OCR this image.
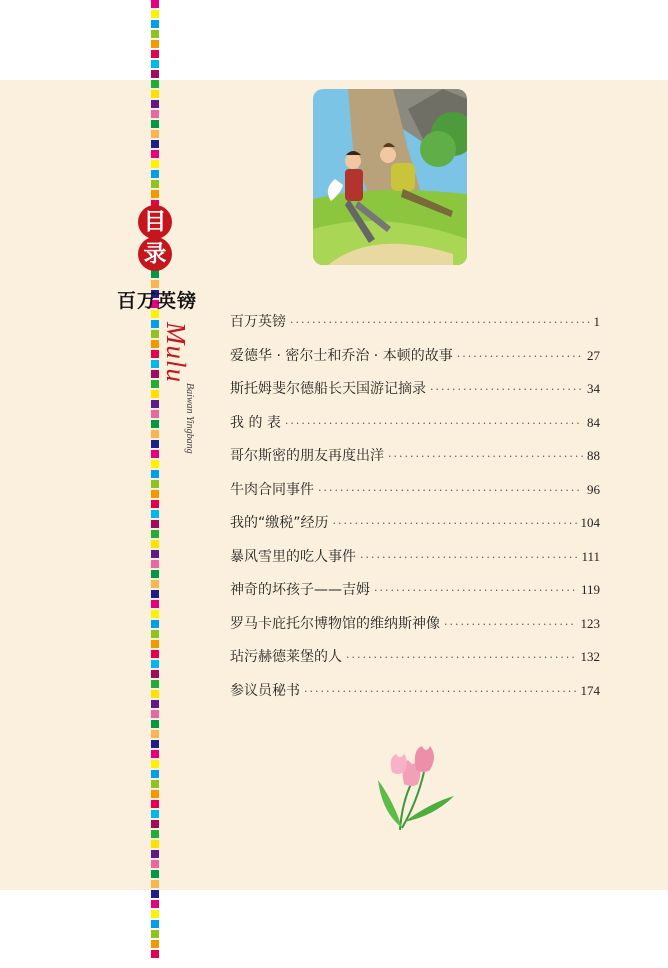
目
录
百万英镑
Mulu
Baiwan Yingbang
百万英镑 ·····	1
爱德华 · 密尔士和乔治 · 本顿的故事 ·····	27
斯托姆斐尔德船长天国游记摘录 ·····	34
我 的 表 ·····	84
哥尔斯密的朋友再度出洋 ·····	88
牛肉合同事件 ·····	96
我的“缴税”经历 ·····	104
暴风雪里的吃人事件 ·····	111
神奇的坏孩子——吉姆 ·····	119
罗马卡庇托尔博物馆的维纳斯神像 ·····	123
玷污赫德莱堡的人 ·····	132
参议员秘书 ·····	174
